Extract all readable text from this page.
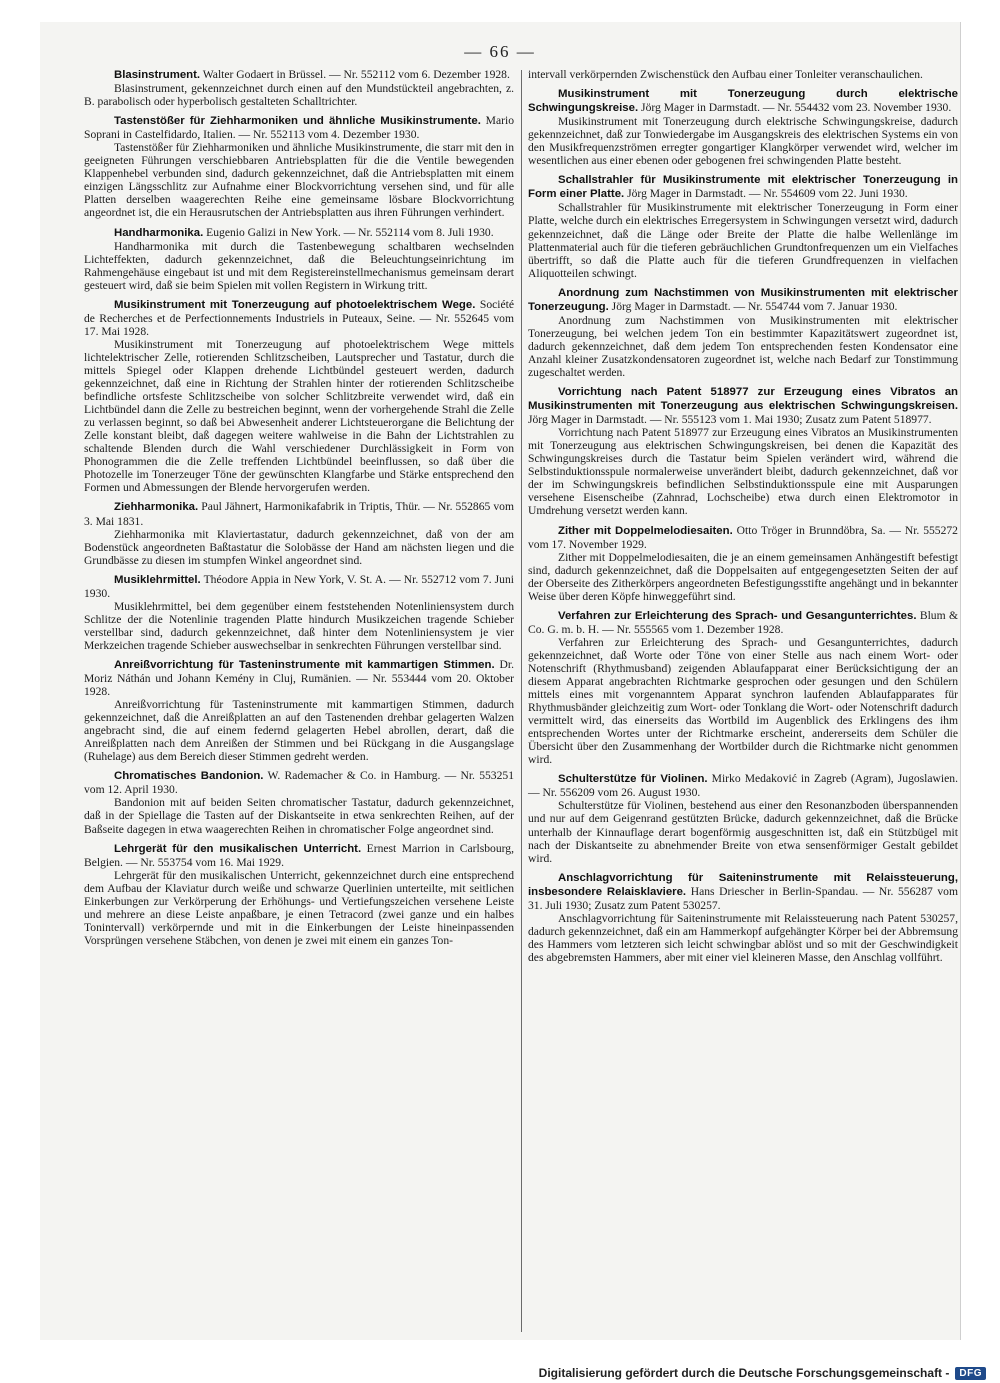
— 66 —

Blasinstrument. Walter Godaert in Brüssel. — Nr. 552112 vom 6. Dezember 1928.

Blasinstrument, gekennzeichnet durch einen auf den Mundstückteil angebrachten, z. B. parabolisch oder hyperbolisch gestalteten Schalltrichter.

Tastenstößer für Ziehharmoniken und ähnliche Musikinstrumente. Mario Soprani in Castelfidardo, Italien. — Nr. 552113 vom 4. Dezember 1930.

Tastenstößer für Ziehharmoniken und ähnliche Musikinstrumente, die starr mit den in geeigneten Führungen verschiebbaren Antriebsplatten für die die Ventile bewegenden Klappenhebel verbunden sind, dadurch gekennzeichnet, daß die Antriebsplatten mit einem einzigen Längsschlitz zur Aufnahme einer Blockvorrichtung versehen sind, und für alle Platten derselben waagerechten Reihe eine gemeinsame lösbare Blockvorrichtung angeordnet ist, die ein Herausrutschen der Antriebsplatten aus ihren Führungen verhindert.

Handharmonika. Eugenio Galizi in New York. — Nr. 552114 vom 8. Juli 1930.

Handharmonika mit durch die Tastenbewegung schaltbaren wechselnden Lichteffekten, dadurch gekennzeichnet, daß die Beleuchtungseinrichtung im Rahmengehäuse eingebaut ist und mit dem Registereinstellmechanismus gemeinsam derart gesteuert wird, daß sie beim Spielen mit vollen Registern in Wirkung tritt.

Musikinstrument mit Tonerzeugung auf photoelektrischem Wege. Société de Recherches et de Perfectionnements Industriels in Puteaux, Seine. — Nr. 552645 vom 17. Mai 1928.

Musikinstrument mit Tonerzeugung auf photoelektrischem Wege mittels lichtelektrischer Zelle, rotierenden Schlitzscheiben, Lautsprecher und Tastatur, durch die mittels Spiegel oder Klappen drehende Lichtbündel gesteuert werden, dadurch gekennzeichnet, daß eine in Richtung der Strahlen hinter der rotierenden Schlitzscheibe befindliche ortsfeste Schlitzscheibe von solcher Schlitzbreite verwendet wird, daß ein Lichtbündel dann die Zelle zu bestreichen beginnt, wenn der vorhergehende Strahl die Zelle zu verlassen beginnt, so daß bei Abwesenheit anderer Lichtsteuerorgane die Belichtung der Zelle konstant bleibt, daß dagegen weitere wahlweise in die Bahn der Lichtstrahlen zu schaltende Blenden durch die Wahl verschiedener Durchlässigkeit in Form von Phonogrammen die die Zelle treffenden Lichtbündel beeinflussen, so daß über die Photozelle im Tonerzeuger Töne der gewünschten Klangfarbe und Stärke entsprechend den Formen und Abmessungen der Blende hervorgerufen werden.

Ziehharmonika. Paul Jähnert, Harmonikafabrik in Triptis, Thür. — Nr. 552865 vom 3. Mai 1831.

Ziehharmonika mit Klaviertastatur, dadurch gekennzeichnet, daß von der am Bodenstück angeordneten Baßtastatur die Solobässe der Hand am nächsten liegen und die Grundbässe zu diesen im stumpfen Winkel angeordnet sind.

Musiklehrmittel. Théodore Appia in New York, V. St. A. — Nr. 552712 vom 7. Juni 1930.

Musiklehrmittel, bei dem gegenüber einem feststehenden Notenliniensystem durch Schlitze der die Notenlinie tragenden Platte hindurch Musikzeichen tragende Schieber verstellbar sind, dadurch gekennzeichnet, daß hinter dem Notenliniensystem je vier Merkzeichen tragende Schieber auswechselbar in senkrechten Führungen verstellbar sind.

Anreißvorrichtung für Tasteninstrumente mit kammartigen Stimmen. Dr. Moriz Náthán und Johann Kemény in Cluj, Rumänien. — Nr. 553444 vom 20. Oktober 1928.

Anreißvorrichtung für Tasteninstrumente mit kammartigen Stimmen, dadurch gekennzeichnet, daß die Anreißplatten an auf den Tastenenden drehbar gelagerten Walzen angebracht sind, die auf einem federnd gelagerten Hebel abrollen, derart, daß die Anreißplatten nach dem Anreißen der Stimmen und bei Rückgang in die Ausgangslage (Ruhelage) aus dem Bereich dieser Stimmen gedreht werden.

Chromatisches Bandonion. W. Rademacher & Co. in Hamburg. — Nr. 553251 vom 12. April 1930.

Bandonion mit auf beiden Seiten chromatischer Tastatur, dadurch gekennzeichnet, daß in der Spiellage die Tasten auf der Diskantseite in etwa senkrechten Reihen, auf der Baßseite dagegen in etwa waagerechten Reihen in chromatischer Folge angeordnet sind.

Lehrgerät für den musikalischen Unterricht. Ernest Marrion in Carlsbourg, Belgien. — Nr. 553754 vom 16. Mai 1929.

Lehrgerät für den musikalischen Unterricht, gekennzeichnet durch eine entsprechend dem Aufbau der Klaviatur durch weiße und schwarze Querlinien unterteilte, mit seitlichen Einkerbungen zur Verkörperung der Erhöhungs- und Vertiefungszeichen versehene Leiste und mehrere an diese Leiste anpaßbare, je einen Tetracord (zwei ganze und ein halbes Tonintervall) verkörpernde und mit in die Einkerbungen der Leiste hineinpassenden Vorsprüngen versehene Stäbchen, von denen je zwei mit einem ein ganzes Ton-

intervall verkörpernden Zwischenstück den Aufbau einer Tonleiter veranschaulichen.

Musikinstrument mit Tonerzeugung durch elektrische Schwingungskreise. Jörg Mager in Darmstadt. — Nr. 554432 vom 23. November 1930.

Musikinstrument mit Tonerzeugung durch elektrische Schwingungskreise, dadurch gekennzeichnet, daß zur Tonwiedergabe im Ausgangskreis des elektrischen Systems ein von den Musikfrequenzströmen erregter gongartiger Klangkörper verwendet wird, welcher im wesentlichen aus einer ebenen oder gebogenen frei schwingenden Platte besteht.

Schallstrahler für Musikinstrumente mit elektrischer Tonerzeugung in Form einer Platte. Jörg Mager in Darmstadt. — Nr. 554609 vom 22. Juni 1930.

Schallstrahler für Musikinstrumente mit elektrischer Tonerzeugung in Form einer Platte, welche durch ein elektrisches Erregersystem in Schwingungen versetzt wird, dadurch gekennzeichnet, daß die Länge oder Breite der Platte die halbe Wellenlänge im Plattenmaterial auch für die tieferen gebräuchlichen Grundtonfrequenzen um ein Vielfaches übertrifft, so daß die Platte auch für die tieferen Grundfrequenzen in vielfachen Aliquotteilen schwingt.

Anordnung zum Nachstimmen von Musikinstrumenten mit elektrischer Tonerzeugung. Jörg Mager in Darmstadt. — Nr. 554744 vom 7. Januar 1930.

Anordnung zum Nachstimmen von Musikinstrumenten mit elektrischer Tonerzeugung, bei welchen jedem Ton ein bestimmter Kapazitätswert zugeordnet ist, dadurch gekennzeichnet, daß dem jedem Ton entsprechenden festen Kondensator eine Anzahl kleiner Zusatzkondensatoren zugeordnet ist, welche nach Bedarf zur Tonstimmung zugeschaltet werden.

Vorrichtung nach Patent 518977 zur Erzeugung eines Vibratos an Musikinstrumenten mit Tonerzeugung aus elektrischen Schwingungskreisen. Jörg Mager in Darmstadt. — Nr. 555123 vom 1. Mai 1930; Zusatz zum Patent 518977.

Vorrichtung nach Patent 518977 zur Erzeugung eines Vibratos an Musikinstrumenten mit Tonerzeugung aus elektrischen Schwingungskreisen, bei denen die Kapazität des Schwingungskreises durch die Tastatur beim Spielen verändert wird, während die Selbstinduktionsspule normalerweise unverändert bleibt, dadurch gekennzeichnet, daß vor der im Schwingungskreis befindlichen Selbstinduktionsspule eine mit Ausparungen versehene Eisenscheibe (Zahnrad, Lochscheibe) etwa durch einen Elektromotor in Umdrehung versetzt werden kann.

Zither mit Doppelmelodiesaiten. Otto Tröger in Brunndöbra, Sa. — Nr. 555272 vom 17. November 1929.

Zither mit Doppelmelodiesaiten, die je an einem gemeinsamen Anhängestift befestigt sind, dadurch gekennzeichnet, daß die Doppelsaiten auf entgegengesetzten Seiten der auf der Oberseite des Zitherkörpers angeordneten Befestigungsstifte angehängt und in bekannter Weise über deren Köpfe hinweggeführt sind.

Verfahren zur Erleichterung des Sprach- und Gesangunterrichtes. Blum & Co. G. m. b. H. — Nr. 555565 vom 1. Dezember 1928.

Verfahren zur Erleichterung des Sprach- und Gesangunterrichtes, dadurch gekennzeichnet, daß Worte oder Töne von einer Stelle aus nach einem Wort- oder Notenschrift (Rhythmusband) zeigenden Ablaufapparat einer Berücksichtigung der an diesem Apparat angebrachten Richtmarke gesprochen oder gesungen und den Schülern mittels eines mit vorgenanntem Apparat synchron laufenden Ablaufapparates für Rhythmusbänder gleichzeitig zum Wort- oder Tonklang die Wort- oder Notenschrift dadurch vermittelt wird, das einerseits das Wortbild im Augenblick des Erklingens des ihm entsprechenden Wortes unter der Richtmarke erscheint, andererseits dem Schüler die Übersicht über den Zusammenhang der Wortbilder durch die Richtmarke nicht genommen wird.

Schulterstütze für Violinen. Mirko Medaković in Zagreb (Agram), Jugoslawien. — Nr. 556209 vom 26. August 1930.

Schulterstütze für Violinen, bestehend aus einer den Resonanzboden überspannenden und nur auf dem Geigenrand gestützten Brücke, dadurch gekennzeichnet, daß die Brücke unterhalb der Kinnauflage derart bogenförmig ausgeschnitten ist, daß ein Stützbügel mit nach der Diskantseite zu abnehmender Breite von etwa sensenförmiger Gestalt gebildet wird.

Anschlagvorrichtung für Saiteninstrumente mit Relaissteuerung, insbesondere Relaisklaviere. Hans Driescher in Berlin-Spandau. — Nr. 556287 vom 31. Juli 1930; Zusatz zum Patent 530257.

Anschlagvorrichtung für Saiteninstrumente mit Relaissteuerung nach Patent 530257, dadurch gekennzeichnet, daß ein am Hammerkopf aufgehängter Körper bei der Abbremsung des Hammers vom letzteren sich leicht schwingbar ablöst und so mit der Geschwindigkeit des abgebremsten Hammers, aber mit einer viel kleineren Masse, den Anschlag vollführt.

Digitalisierung gefördert durch die Deutsche Forschungsgemeinschaft -	DFG
